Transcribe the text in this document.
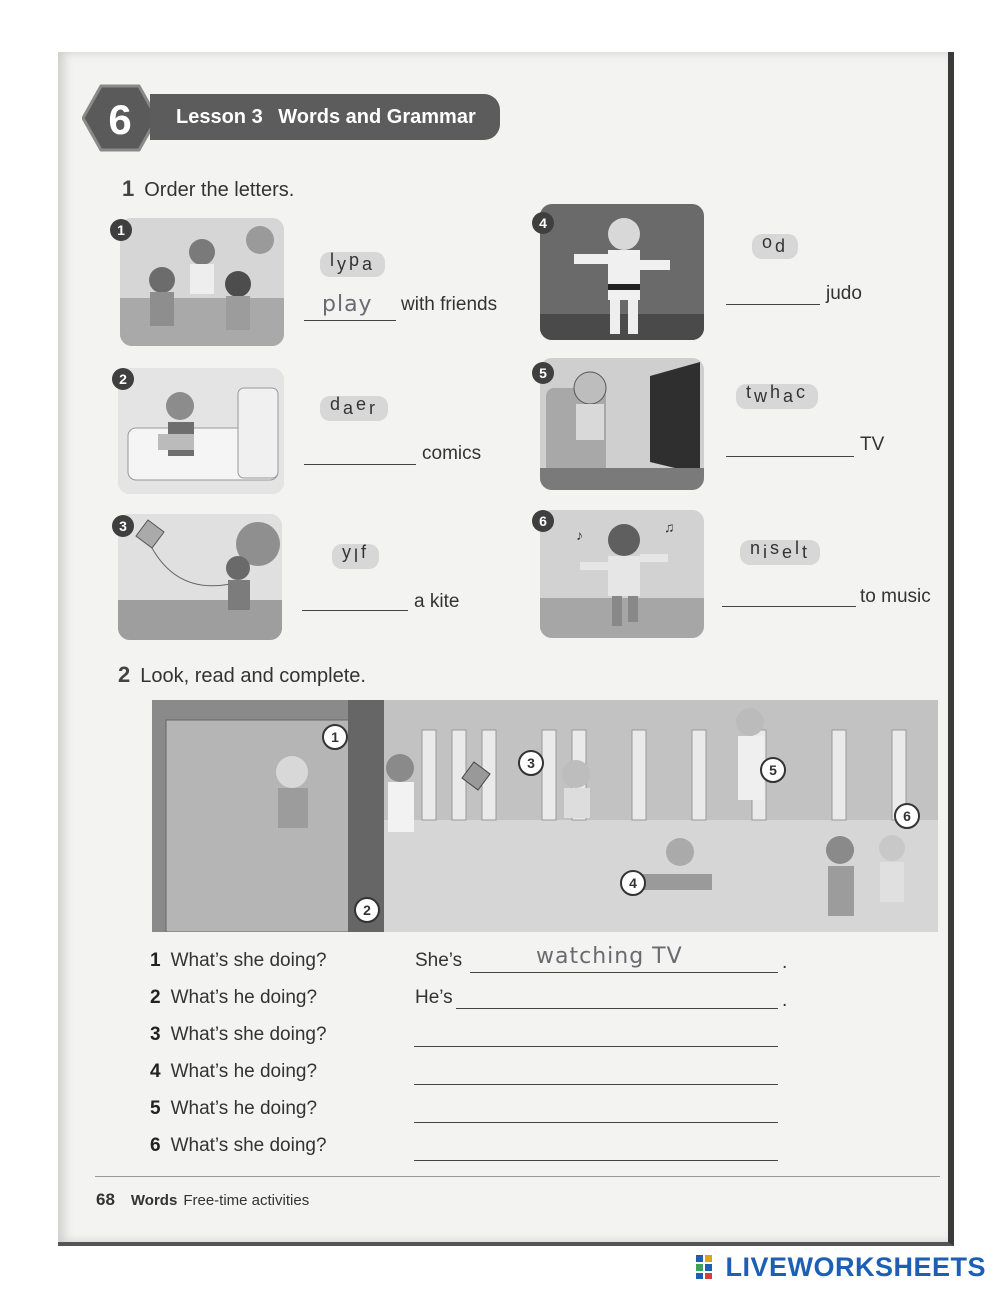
6	Lesson 3 Words and Grammar
1 Order the letters.
1
lypa
play with friends
2
daer
comics
3
ylf
a kite
4
od
judo
5
twhac
TV
♪	♫
6
niselt
to music
2 Look, read and complete.
1
2
3
4
5
6
1 What’s she doing?	She’s	watching TV	.
2 What’s he doing?	He’s	.
3 What’s she doing?
4 What’s he doing?
5 What’s he doing?
6 What’s she doing?
68 Words Free-time activities
LIVEWORKSHEETS
